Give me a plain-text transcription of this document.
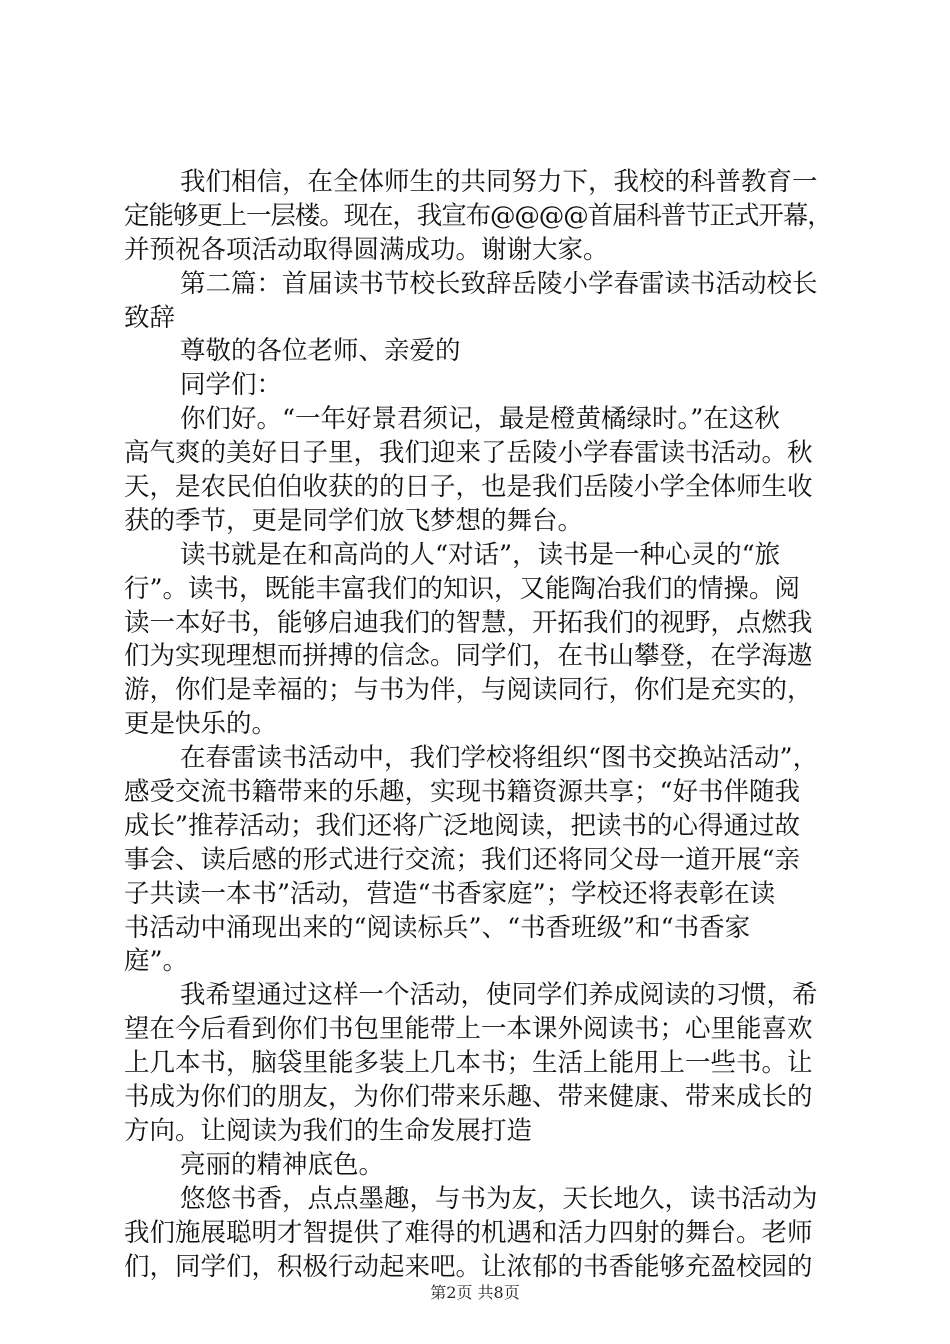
我们相信，在全体师生的共同努力下，我校的科普教育一
定能够更上一层楼。现在，我宣布@@@@首届科普节正式开幕，
并预祝各项活动取得圆满成功。谢谢大家。
第二篇：首届读书节校长致辞岳陵小学春雷读书活动校长
致辞
尊敬的各位老师、亲爱的
同学们：
你们好。“一年好景君须记，最是橙黄橘绿时。”在这秋
高气爽的美好日子里，我们迎来了岳陵小学春雷读书活动。秋
天，是农民伯伯收获的的日子，也是我们岳陵小学全体师生收
获的季节，更是同学们放飞梦想的舞台。
读书就是在和高尚的人“对话”，读书是一种心灵的“旅
行”。读书，既能丰富我们的知识，又能陶冶我们的情操。阅
读一本好书，能够启迪我们的智慧，开拓我们的视野，点燃我
们为实现理想而拼搏的信念。同学们，在书山攀登，在学海遨
游，你们是幸福的；与书为伴，与阅读同行，你们是充实的，
更是快乐的。
在春雷读书活动中，我们学校将组织“图书交换站活动”，
感受交流书籍带来的乐趣，实现书籍资源共享；“好书伴随我
成长”推荐活动；我们还将广泛地阅读，把读书的心得通过故
事会、读后感的形式进行交流；我们还将同父母一道开展“亲
子共读一本书”活动，营造“书香家庭”；学校还将表彰在读
书活动中涌现出来的“阅读标兵”、“书香班级”和“书香家
庭”。
我希望通过这样一个活动，使同学们养成阅读的习惯，希
望在今后看到你们书包里能带上一本课外阅读书；心里能喜欢
上几本书，脑袋里能多装上几本书；生活上能用上一些书。让
书成为你们的朋友，为你们带来乐趣、带来健康、带来成长的
方向。让阅读为我们的生命发展打造
亮丽的精神底色。
悠悠书香，点点墨趣，与书为友，天长地久，读书活动为
我们施展聪明才智提供了难得的机遇和活力四射的舞台。老师
们，同学们，积极行动起来吧。让浓郁的书香能够充盈校园的
第2页 共8页
